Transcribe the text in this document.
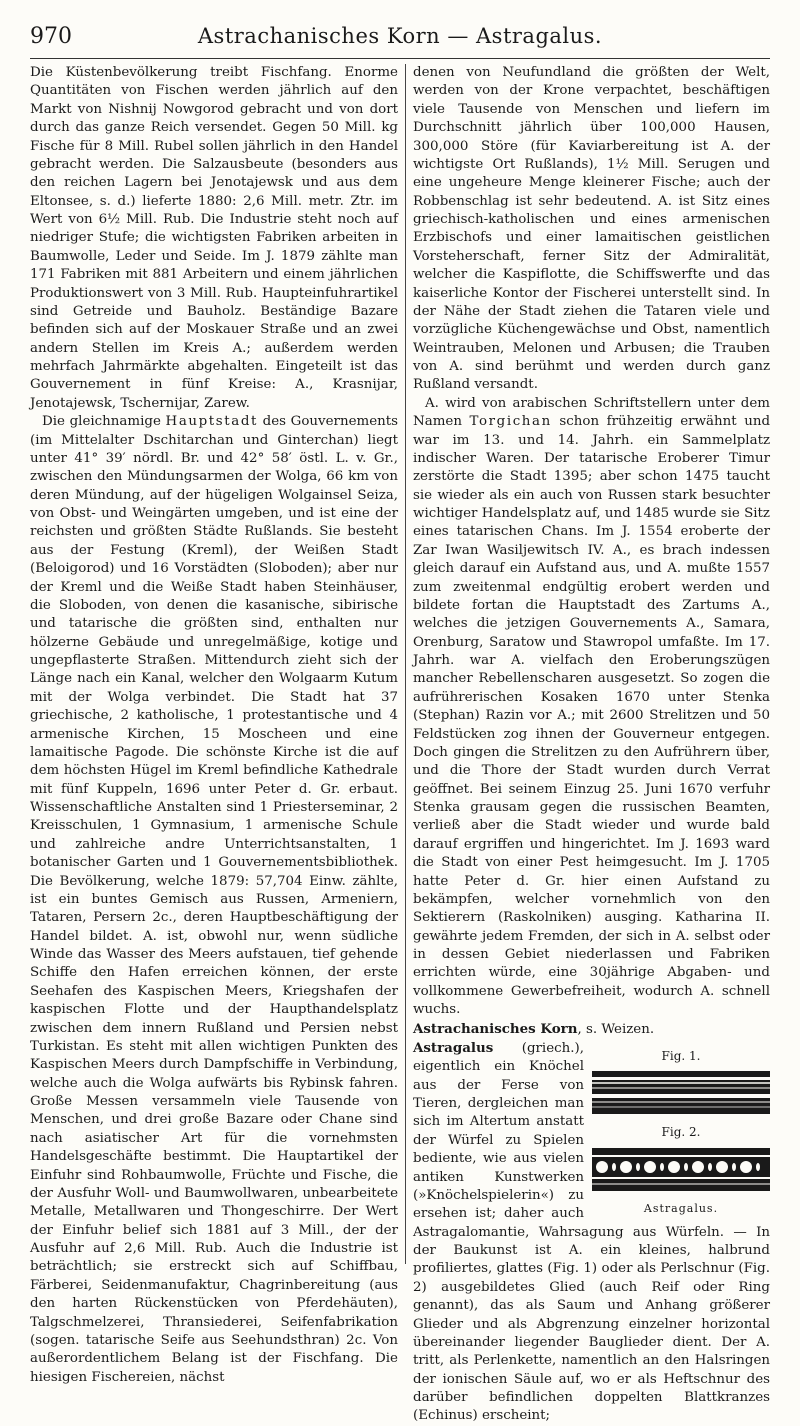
970	Astrachanisches Korn — Astragalus.

Die Küstenbevölkerung treibt Fischfang. Enorme Quantitäten von Fischen werden jährlich auf den Markt von Nishnij Nowgorod gebracht und von dort durch das ganze Reich versendet. Gegen 50 Mill. kg Fische für 8 Mill. Rubel sollen jährlich in den Handel gebracht werden. Die Salzausbeute (besonders aus den reichen Lagern bei Jenotajewsk und aus dem Eltonsee, s. d.) lieferte 1880: 2,6 Mill. metr. Ztr. im Wert von 6½ Mill. Rub. Die Industrie steht noch auf niedriger Stufe; die wichtigsten Fabriken arbeiten in Baumwolle, Leder und Seide. Im J. 1879 zählte man 171 Fabriken mit 881 Arbeitern und einem jährlichen Produktionswert von 3 Mill. Rub. Haupteinfuhrartikel sind Getreide und Bauholz. Beständige Bazare befinden sich auf der Moskauer Straße und an zwei andern Stellen im Kreis A.; außerdem werden mehrfach Jahrmärkte abgehalten. Eingeteilt ist das Gouvernement in fünf Kreise: A., Krasnijar, Jenotajewsk, Tschernijar, Zarew.

Die gleichnamige Hauptstadt des Gouvernements (im Mittelalter Dschitarchan und Ginterchan) liegt unter 41° 39′ nördl. Br. und 42° 58′ östl. L. v. Gr., zwischen den Mündungsarmen der Wolga, 66 km von deren Mündung, auf der hügeligen Wolgainsel Seiza, von Obst- und Weingärten umgeben, und ist eine der reichsten und größten Städte Rußlands. Sie besteht aus der Festung (Kreml), der Weißen Stadt (Beloigorod) und 16 Vorstädten (Sloboden); aber nur der Kreml und die Weiße Stadt haben Steinhäuser, die Sloboden, von denen die kasanische, sibirische und tatarische die größten sind, enthalten nur hölzerne Gebäude und unregelmäßige, kotige und ungepflasterte Straßen. Mittendurch zieht sich der Länge nach ein Kanal, welcher den Wolgaarm Kutum mit der Wolga verbindet. Die Stadt hat 37 griechische, 2 katholische, 1 protestantische und 4 armenische Kirchen, 15 Moscheen und eine lamaitische Pagode. Die schönste Kirche ist die auf dem höchsten Hügel im Kreml befindliche Kathedrale mit fünf Kuppeln, 1696 unter Peter d. Gr. erbaut. Wissenschaftliche Anstalten sind 1 Priesterseminar, 2 Kreisschulen, 1 Gymnasium, 1 armenische Schule und zahlreiche andre Unterrichtsanstalten, 1 botanischer Garten und 1 Gouvernementsbibliothek. Die Bevölkerung, welche 1879: 57,704 Einw. zählte, ist ein buntes Gemisch aus Russen, Armeniern, Tataren, Persern 2c., deren Hauptbeschäftigung der Handel bildet. A. ist, obwohl nur, wenn südliche Winde das Wasser des Meers aufstauen, tief gehende Schiffe den Hafen erreichen können, der erste Seehafen des Kaspischen Meers, Kriegshafen der kaspischen Flotte und der Haupthandelsplatz zwischen dem innern Rußland und Persien nebst Turkistan. Es steht mit allen wichtigen Punkten des Kaspischen Meers durch Dampfschiffe in Verbindung, welche auch die Wolga aufwärts bis Rybinsk fahren. Große Messen versammeln viele Tausende von Menschen, und drei große Bazare oder Chane sind nach asiatischer Art für die vornehmsten Handelsgeschäfte bestimmt. Die Hauptartikel der Einfuhr sind Rohbaumwolle, Früchte und Fische, die der Ausfuhr Woll- und Baumwollwaren, unbearbeitete Metalle, Metallwaren und Thongeschirre. Der Wert der Einfuhr belief sich 1881 auf 3 Mill., der der Ausfuhr auf 2,6 Mill. Rub. Auch die Industrie ist beträchtlich; sie erstreckt sich auf Schiffbau, Färberei, Seidenmanufaktur, Chagrinbereitung (aus den harten Rückenstücken von Pferdehäuten), Talgschmelzerei, Thransiederei, Seifenfabrikation (sogen. tatarische Seife aus Seehundsthran) 2c. Von außerordentlichem Belang ist der Fischfang. Die hiesigen Fischereien, nächst

denen von Neufundland die größten der Welt, werden von der Krone verpachtet, beschäftigen viele Tausende von Menschen und liefern im Durchschnitt jährlich über 100,000 Hausen, 300,000 Störe (für Kaviarbereitung ist A. der wichtigste Ort Rußlands), 1½ Mill. Serugen und eine ungeheure Menge kleinerer Fische; auch der Robbenschlag ist sehr bedeutend. A. ist Sitz eines griechisch-katholischen und eines armenischen Erzbischofs und einer lamaitischen geistlichen Vorsteherschaft, ferner Sitz der Admiralität, welcher die Kaspiflotte, die Schiffswerfte und das kaiserliche Kontor der Fischerei unterstellt sind. In der Nähe der Stadt ziehen die Tataren viele und vorzügliche Küchengewächse und Obst, namentlich Weintrauben, Melonen und Arbusen; die Trauben von A. sind berühmt und werden durch ganz Rußland versandt.

A. wird von arabischen Schriftstellern unter dem Namen Torgichan schon frühzeitig erwähnt und war im 13. und 14. Jahrh. ein Sammelplatz indischer Waren. Der tatarische Eroberer Timur zerstörte die Stadt 1395; aber schon 1475 taucht sie wieder als ein auch von Russen stark besuchter wichtiger Handelsplatz auf, und 1485 wurde sie Sitz eines tatarischen Chans. Im J. 1554 eroberte der Zar Iwan Wasiljewitsch IV. A., es brach indessen gleich darauf ein Aufstand aus, und A. mußte 1557 zum zweitenmal endgültig erobert werden und bildete fortan die Hauptstadt des Zartums A., welches die jetzigen Gouvernements A., Samara, Orenburg, Saratow und Stawropol umfaßte. Im 17. Jahrh. war A. vielfach den Eroberungszügen mancher Rebellenscharen ausgesetzt. So zogen die aufrührerischen Kosaken 1670 unter Stenka (Stephan) Razin vor A.; mit 2600 Strelitzen und 50 Feldstücken zog ihnen der Gouverneur entgegen. Doch gingen die Strelitzen zu den Aufrührern über, und die Thore der Stadt wurden durch Verrat geöffnet. Bei seinem Einzug 25. Juni 1670 verfuhr Stenka grausam gegen die russischen Beamten, verließ aber die Stadt wieder und wurde bald darauf ergriffen und hingerichtet. Im J. 1693 ward die Stadt von einer Pest heimgesucht. Im J. 1705 hatte Peter d. Gr. hier einen Aufstand zu bekämpfen, welcher vornehmlich von den Sektierern (Raskolniken) ausging. Katharina II. gewährte jedem Fremden, der sich in A. selbst oder in dessen Gebiet niederlassen und Fabriken errichten würde, eine 30jährige Abgaben- und vollkommene Gewerbefreiheit, wodurch A. schnell wuchs.

Astrachanisches Korn, s. Weizen.

Fig. 1.
Fig. 2.
Astragalus.
Astragalus (griech.), eigentlich ein Knöchel aus der Ferse von Tieren, dergleichen man sich im Altertum anstatt der Würfel zu Spielen bediente, wie aus vielen antiken Kunstwerken (»Knöchelspielerin«) zu ersehen ist; daher auch Astragalomantie, Wahrsagung aus Würfeln. — In der Baukunst ist A. ein kleines, halbrund profiliertes, glattes (Fig. 1) oder als Perlschnur (Fig. 2) ausgebildetes Glied (auch Reif oder Ring genannt), das als Saum und Anhang größerer Glieder und als Abgrenzung einzelner horizontal übereinander liegender Bauglieder dient. Der A. tritt, als Perlenkette, namentlich an den Halsringen der ionischen Säule auf, wo er als Heftschnur des darüber befindlichen doppelten Blattkranzes (Echinus) erscheint;
